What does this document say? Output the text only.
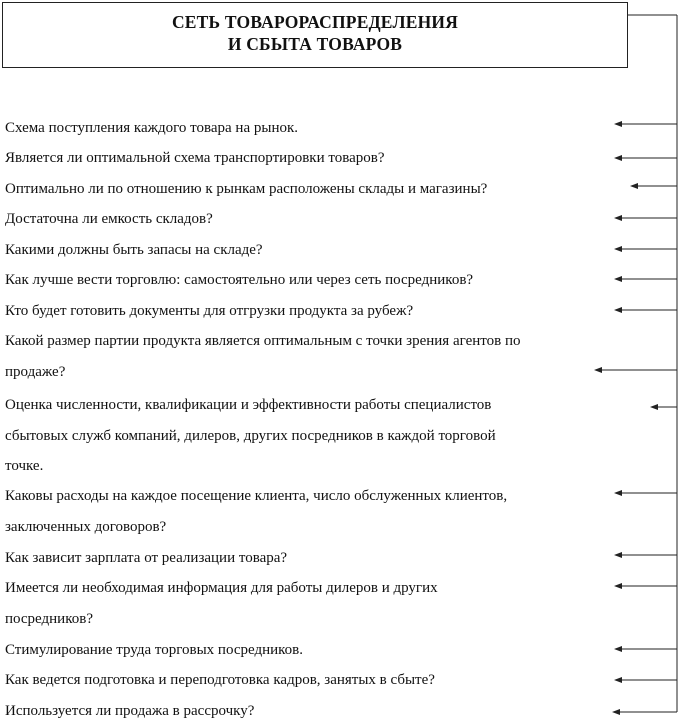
СЕТЬ ТОВАРОРАСПРЕДЕЛЕНИЯ
И СБЫТА ТОВАРОВ
Схема поступления каждого товара на рынок.
Является ли оптимальной схема транспортировки товаров?
Оптимально ли по отношению к рынкам расположены склады и магазины?
Достаточна ли емкость складов?
Какими должны быть запасы на складе?
Как лучше вести торговлю: самостоятельно или через сеть посредников?
Кто будет готовить документы для отгрузки продукта за рубеж?
Какой размер партии продукта является оптимальным с точки зрения агентов по
продаже?
Оценка численности, квалификации и эффективности работы специалистов
сбытовых служб компаний, дилеров, других посредников в каждой торговой
точке.
Каковы расходы на каждое посещение клиента, число обслуженных клиентов,
заключенных договоров?
Как зависит зарплата от реализации товара?
Имеется ли необходимая информация для работы дилеров и других
посредников?
Стимулирование труда торговых посредников.
Как ведется подготовка и переподготовка кадров, занятых в сбыте?
Используется ли продажа в рассрочку?
